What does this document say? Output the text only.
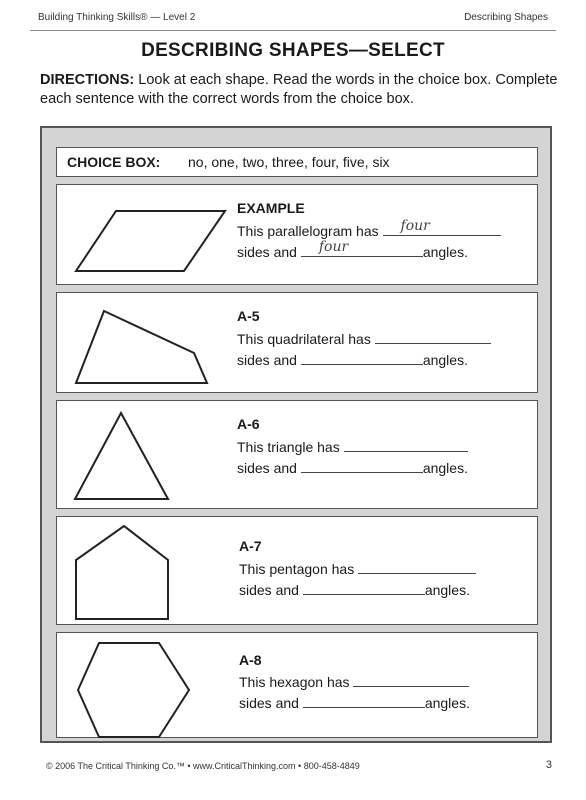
Building Thinking Skills® — Level 2	Describing Shapes
DESCRIBING SHAPES—SELECT
DIRECTIONS: Look at each shape. Read the words in the choice box. Complete each sentence with the correct words from the choice box.
CHOICE BOX: no, one, two, three, four, five, six
EXAMPLE
This parallelogram has four
sides and four	angles.
A-5
This quadrilateral has
sides and	angles.
A-6
This triangle has
sides and	angles.
A-7
This pentagon has
sides and	angles.
A-8
This hexagon has
sides and	angles.
© 2006 The Critical Thinking Co.™ • www.CriticalThinking.com • 800-458-4849	3
